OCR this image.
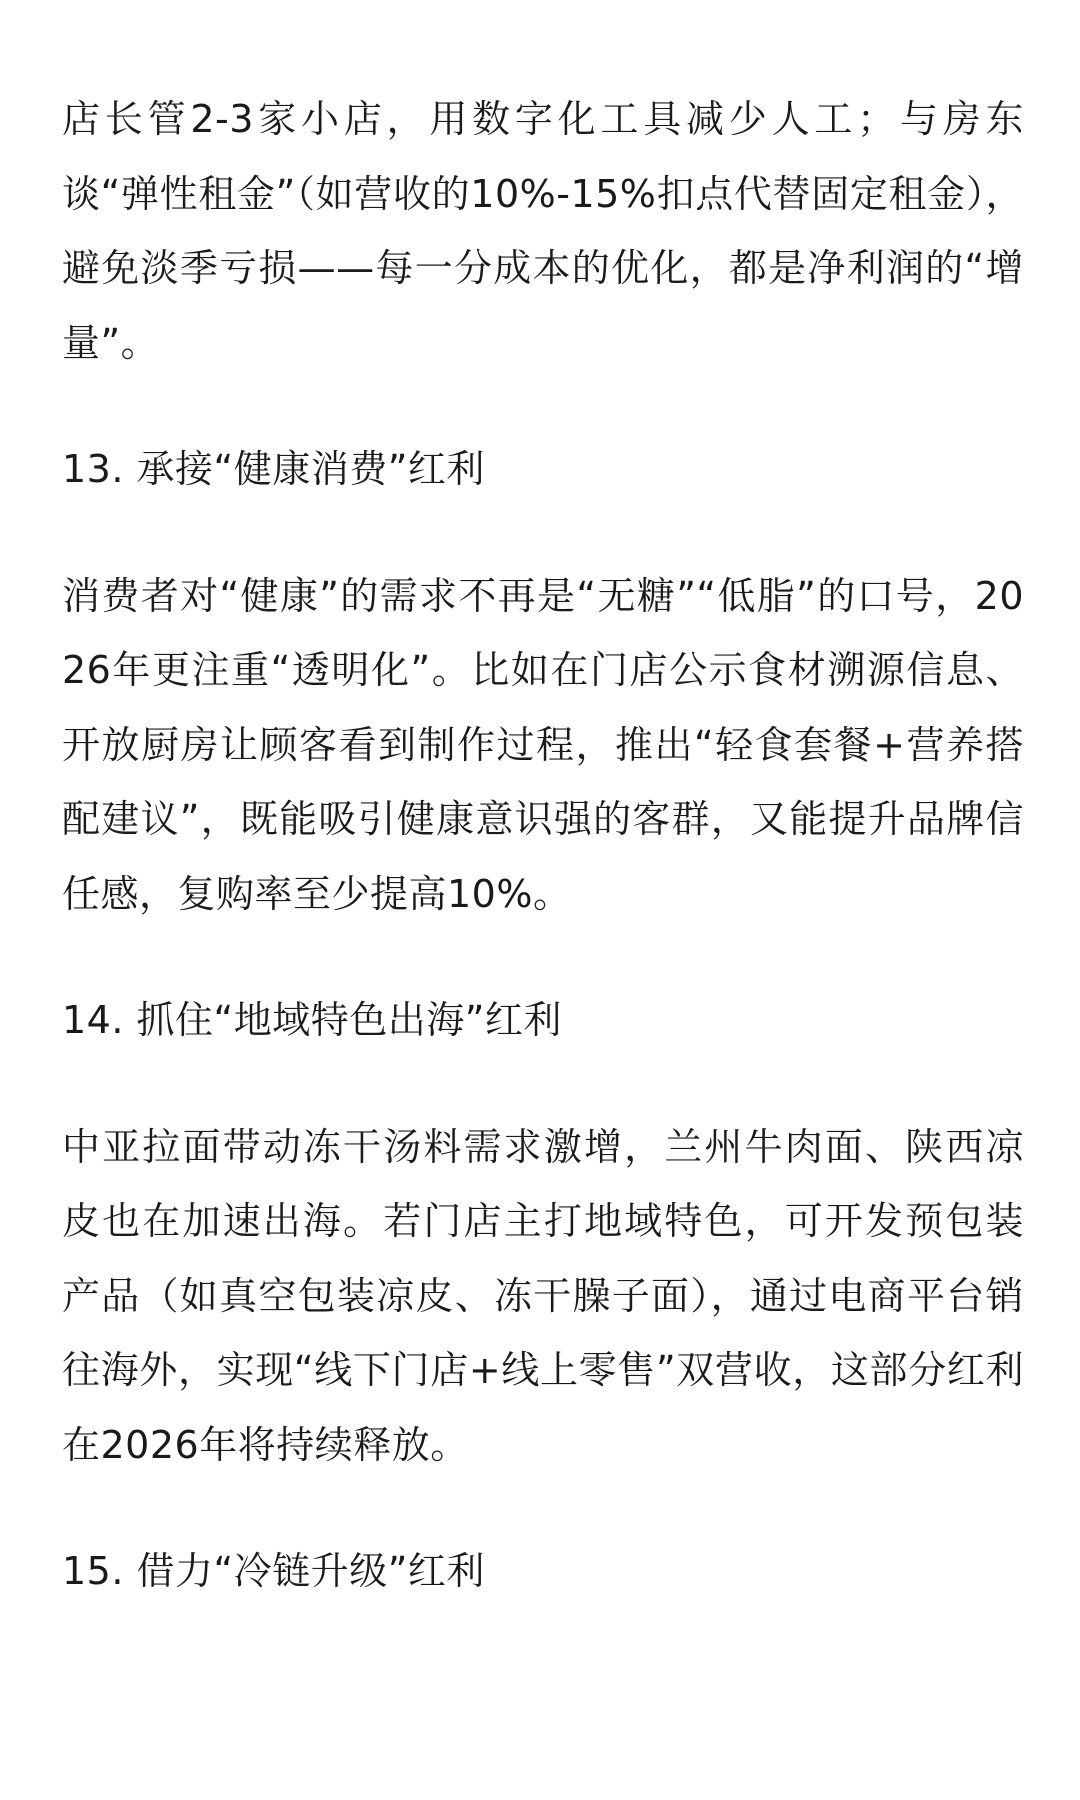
店长管2-3家小店，用数字化工具减少人工；与房东谈“弹性租金”（如营收的10%-15%扣点代替固定租金），避免淡季亏损——每一分成本的优化，都是净利润的“增量”。

13. 承接“健康消费”红利

消费者对“健康”的需求不再是“无糖”“低脂”的口号，2026年更注重“透明化”。比如在门店公示食材溯源信息、开放厨房让顾客看到制作过程，推出“轻食套餐+营养搭配建议”，既能吸引健康意识强的客群，又能提升品牌信任感，复购率至少提高10%。

14. 抓住“地域特色出海”红利

中亚拉面带动冻干汤料需求激增，兰州牛肉面、陕西凉皮也在加速出海。若门店主打地域特色，可开发预包装产品（如真空包装凉皮、冻干臊子面），通过电商平台销往海外，实现“线下门店+线上零售”双营收，这部分红利在2026年将持续释放。

15. 借力“冷链升级”红利
